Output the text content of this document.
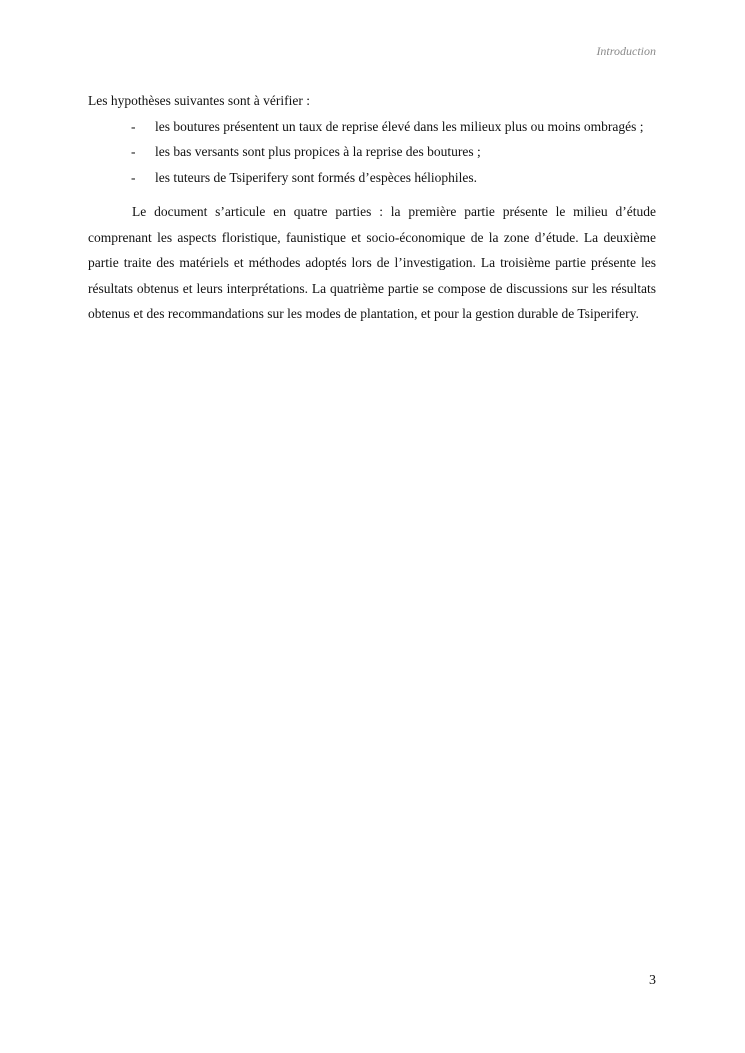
Introduction

Les hypothèses suivantes sont à vérifier :

- les boutures présentent un taux de reprise élevé dans les milieux plus ou moins ombragés ;
- les bas versants sont plus propices à la reprise des boutures ;
- les tuteurs de Tsiperifery sont formés d’espèces héliophiles.

Le document s’articule en quatre parties : la première partie présente le milieu d’étude comprenant les aspects floristique, faunistique et socio-économique de la zone d’étude. La deuxième partie traite des matériels et méthodes adoptés lors de l’investigation. La troisième partie présente les résultats obtenus et leurs interprétations. La quatrième partie se compose de discussions sur les résultats obtenus et des recommandations sur les modes de plantation, et pour la gestion durable de Tsiperifery.

3
